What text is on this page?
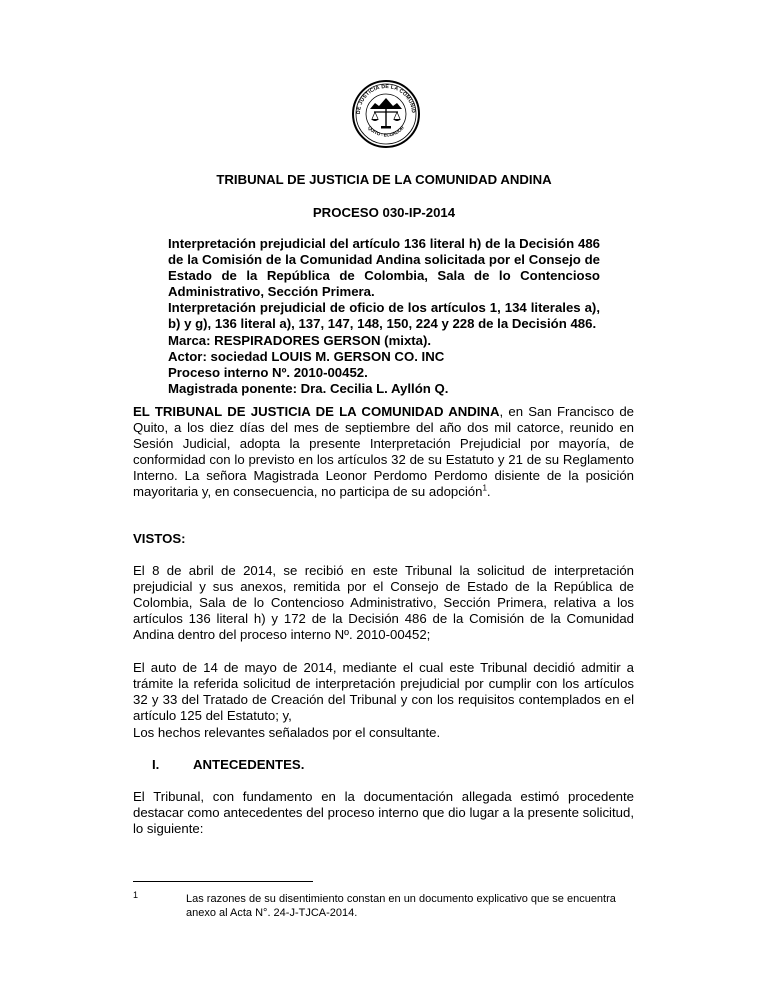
DE JUSTICIA DE LA COMUNID
QUITO - ECUADOR
TRIBUNAL DE JUSTICIA DE LA COMUNIDAD ANDINA
PROCESO 030-IP-2014
Interpretación prejudicial del artículo 136 literal h) de la Decisión 486 de la Comisión de la Comunidad Andina solicitada por el Consejo de Estado de la República de Colombia, Sala de lo Contencioso Administrativo, Sección Primera.
Interpretación prejudicial de oficio de los artículos 1, 134 literales a), b) y g), 136 literal a), 137, 147, 148, 150, 224 y 228 de la Decisión 486.
Marca: RESPIRADORES GERSON (mixta).
Actor: sociedad LOUIS M. GERSON CO. INC
Proceso interno Nº. 2010-00452.
Magistrada ponente: Dra. Cecilia L. Ayllón Q.

EL TRIBUNAL DE JUSTICIA DE LA COMUNIDAD ANDINA, en San Francisco de Quito, a los diez días del mes de septiembre del año dos mil catorce, reunido en Sesión Judicial, adopta la presente Interpretación Prejudicial por mayoría, de conformidad con lo previsto en los artículos 32 de su Estatuto y 21 de su Reglamento Interno. La señora Magistrada Leonor Perdomo Perdomo disiente de la posición mayoritaria y, en consecuencia, no participa de su adopción$^1$.

VISTOS:

El 8 de abril de 2014, se recibió en este Tribunal la solicitud de interpretación prejudicial y sus anexos, remitida por el Consejo de Estado de la República de Colombia, Sala de lo Contencioso Administrativo, Sección Primera, relativa a los artículos 136 literal h) y 172 de la Decisión 486 de la Comisión de la Comunidad Andina dentro del proceso interno Nº. 2010-00452;

El auto de 14 de mayo de 2014, mediante el cual este Tribunal decidió admitir a trámite la referida solicitud de interpretación prejudicial por cumplir con los artículos 32 y 33 del Tratado de Creación del Tribunal y con los requisitos contemplados en el artículo 125 del Estatuto; y,

Los hechos relevantes señalados por el consultante.

I.	ANTECEDENTES.

El Tribunal, con fundamento en la documentación allegada estimó procedente destacar como antecedentes del proceso interno que dio lugar a la presente solicitud, lo siguiente:

1	Las razones de su disentimiento constan en un documento explicativo que se encuentra anexo al Acta N°. 24-J-TJCA-2014.
